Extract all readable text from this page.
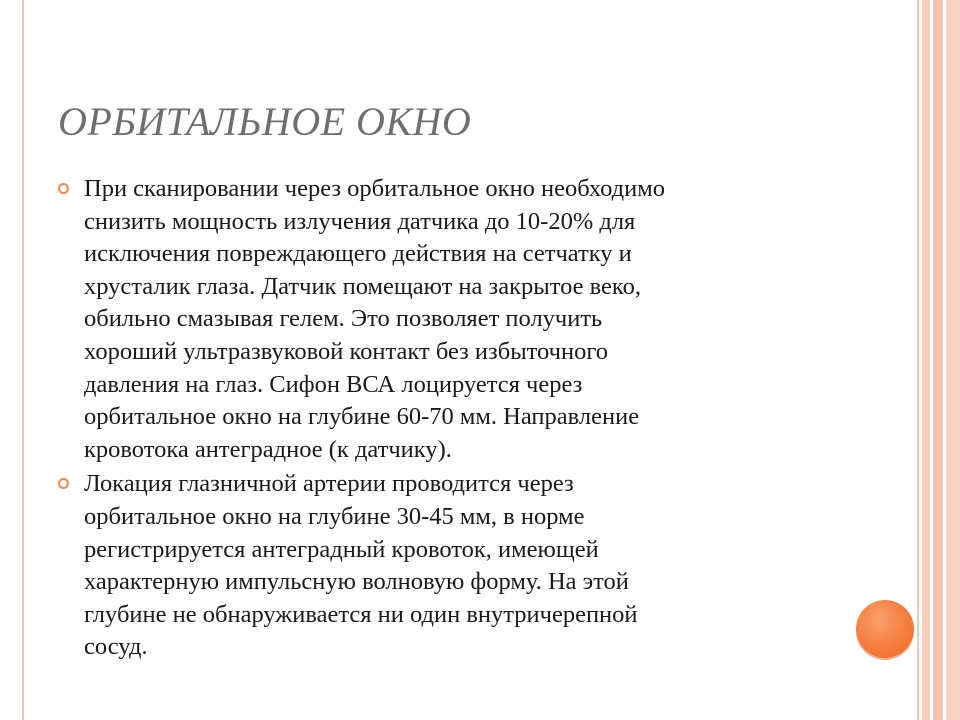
ОРБИТАЛЬНОЕ ОКНО
При сканировании через орбитальное окно необходимо
снизить мощность излучения датчика до 10-20% для
исключения повреждающего действия на сетчатку и
хрусталик глаза. Датчик помещают на закрытое веко,
обильно смазывая гелем. Это позволяет получить
хороший ультразвуковой контакт без избыточного
давления на глаз. Сифон ВСА лоцируется через
орбитальное окно на глубине 60-70 мм. Направление
кровотока антеградное (к датчику).
Локация глазничной артерии проводится через
орбитальное окно на глубине 30-45 мм, в норме
регистрируется антеградный кровоток, имеющей
характерную импульсную волновую форму. На этой
глубине не обнаруживается ни один внутричерепной
сосуд.
